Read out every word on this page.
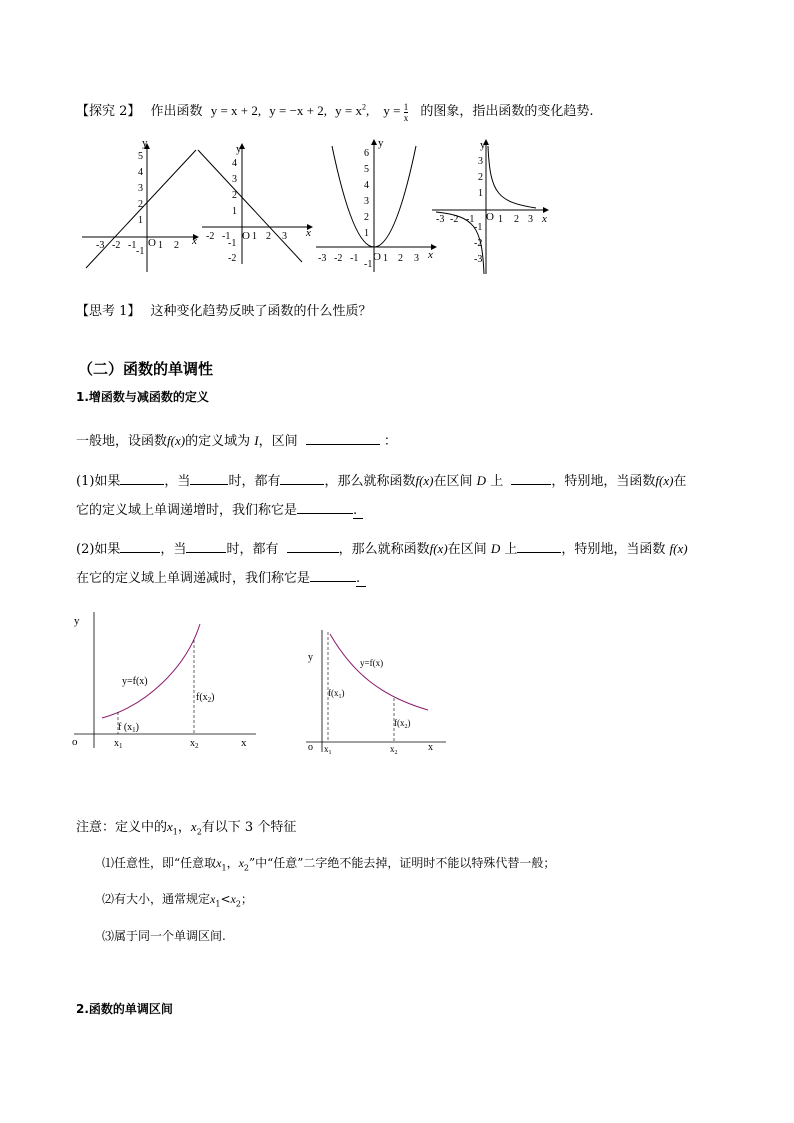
【探究 2】 作出函数 y = x + 2, y = −x + 2, $y = x^2$, $y = \frac{1}{x}$ 的图象，指出函数的变化趋势.
y
x
-3 -2 -1 O 1 2
-1
1
2
3
4
5
y
x
-2 -1 O 1 2 3
4
3
2
1
-1
-2
y
x
-3 -2 -1 O 1 2 3
-1
6
5
4
3
2
1
y
x
-3 -2 -1 O 1 2 3
3
2
1
-1
-2
-3
【思考 1】 这种变化趋势反映了函数的什么性质？
（二）函数的单调性
1.增函数与减函数的定义
一般地，设函数f(x)的定义域为 I，区间	：
(1)如果	，当	时，都有	，那么就称函数f(x)在区间 D 上	，特别地，当函数f(x)在
它的定义域上单调递增时，我们称它是	.
(2)如果	，当	时，都有	，那么就称函数f(x)在区间 D 上	，特别地，当函数 f(x)
在它的定义域上单调递减时，我们称它是	.
y
x
o
y=f(x)
f $(x_1)$
$f(x_2)$
$x_1$	$x_2$
y
x
o
y=f(x)
$f(x_1)$
$f(x_2)$
$x_1$	$x_2$
注意：定义中的$x_1$，$x_2$有以下 3 个特征
⑴任意性，即“任意取$x_1$，$x_2$”中“任意”二字绝不能去掉，证明时不能以特殊代替一般；
⑵有大小，通常规定$x_1<x_2$；
⑶属于同一个单调区间.
2.函数的单调区间
